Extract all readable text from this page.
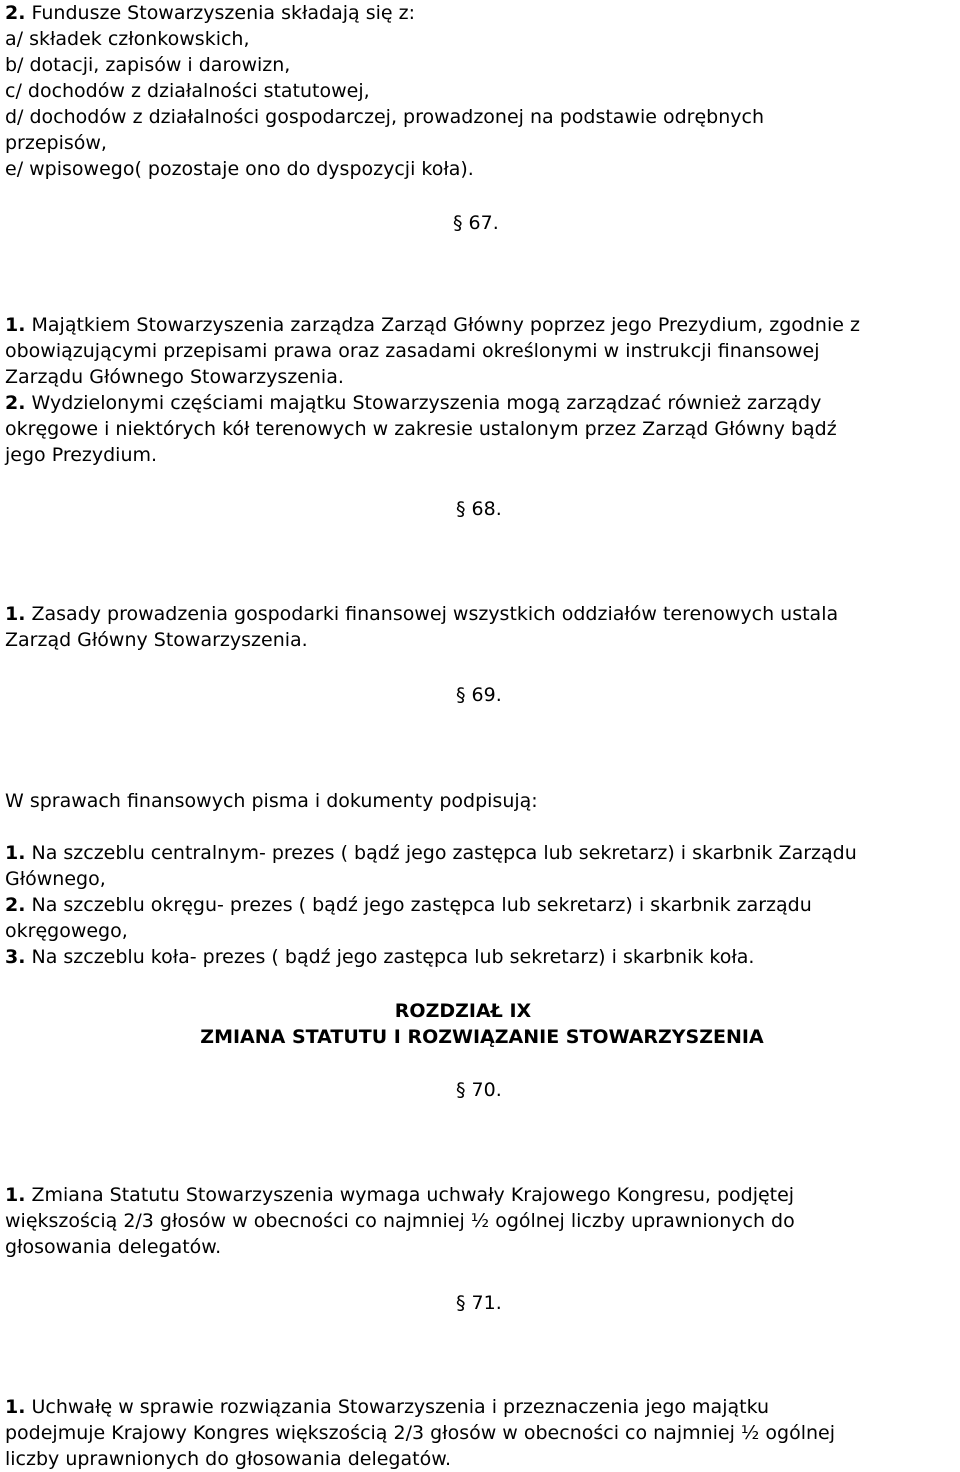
2. Fundusze Stowarzyszenia składają się z:
a/ składek członkowskich,
b/ dotacji, zapisów i darowizn,
c/ dochodów z działalności statutowej,
d/ dochodów z działalności gospodarczej, prowadzonej na podstawie odrębnych
przepisów,
e/ wpisowego( pozostaje ono do dyspozycji koła).
§ 67.
1. Majątkiem Stowarzyszenia zarządza Zarząd Główny poprzez jego Prezydium, zgodnie z
obowiązującymi przepisami prawa oraz zasadami określonymi w instrukcji finansowej
Zarządu Głównego Stowarzyszenia.
2. Wydzielonymi częściami majątku Stowarzyszenia mogą zarządzać również zarządy
okręgowe i niektórych kół terenowych w zakresie ustalonym przez Zarząd Główny bądź
jego Prezydium.
§ 68.
1. Zasady prowadzenia gospodarki finansowej wszystkich oddziałów terenowych ustala
Zarząd Główny Stowarzyszenia.
§ 69.
W sprawach finansowych pisma i dokumenty podpisują:
1. Na szczeblu centralnym- prezes ( bądź jego zastępca lub sekretarz) i skarbnik Zarządu
Głównego,
2. Na szczeblu okręgu- prezes ( bądź jego zastępca lub sekretarz) i skarbnik zarządu
okręgowego,
3. Na szczeblu koła- prezes ( bądź jego zastępca lub sekretarz) i skarbnik koła.
ROZDZIAŁ IX
ZMIANA STATUTU I ROZWIĄZANIE STOWARZYSZENIA
§ 70.
1. Zmiana Statutu Stowarzyszenia wymaga uchwały Krajowego Kongresu, podjętej
większością 2/3 głosów w obecności co najmniej ½ ogólnej liczby uprawnionych do
głosowania delegatów.
§ 71.
1. Uchwałę w sprawie rozwiązania Stowarzyszenia i przeznaczenia jego majątku
podejmuje Krajowy Kongres większością 2/3 głosów w obecności co najmniej ½ ogólnej
liczby uprawnionych do głosowania delegatów.
